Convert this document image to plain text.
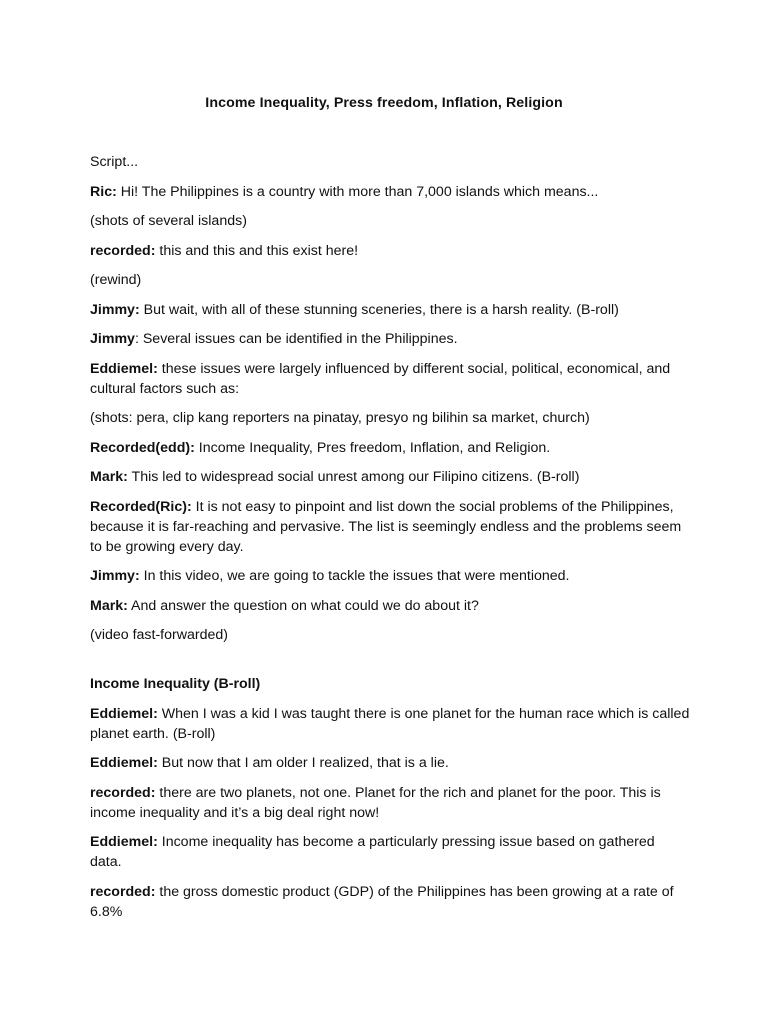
Income Inequality, Press freedom, Inflation, Religion

Script...

Ric: Hi! The Philippines is a country with more than 7,000 islands which means...

(shots of several islands)

recorded: this and this and this exist here!

(rewind)

Jimmy: But wait, with all of these stunning sceneries, there is a harsh reality. (B-roll)

Jimmy: Several issues can be identified in the Philippines.

Eddiemel: these issues were largely influenced by different social, political, economical, and cultural factors such as:

(shots: pera, clip kang reporters na pinatay, presyo ng bilihin sa market, church)

Recorded(edd): Income Inequality, Pres freedom, Inflation, and Religion.

Mark: This led to widespread social unrest among our Filipino citizens. (B-roll)

Recorded(Ric): It is not easy to pinpoint and list down the social problems of the Philippines, because it is far-reaching and pervasive. The list is seemingly endless and the problems seem to be growing every day.

Jimmy: In this video, we are going to tackle the issues that were mentioned.

Mark: And answer the question on what could we do about it?

(video fast-forwarded)

Income Inequality (B-roll)

Eddiemel: When I was a kid I was taught there is one planet for the human race which is called planet earth. (B-roll)

Eddiemel: But now that I am older I realized, that is a lie.

recorded: there are two planets, not one. Planet for the rich and planet for the poor. This is income inequality and it’s a big deal right now!

Eddiemel: Income inequality has become a particularly pressing issue based on gathered data.

recorded: the gross domestic product (GDP) of the Philippines has been growing at a rate of 6.8%
